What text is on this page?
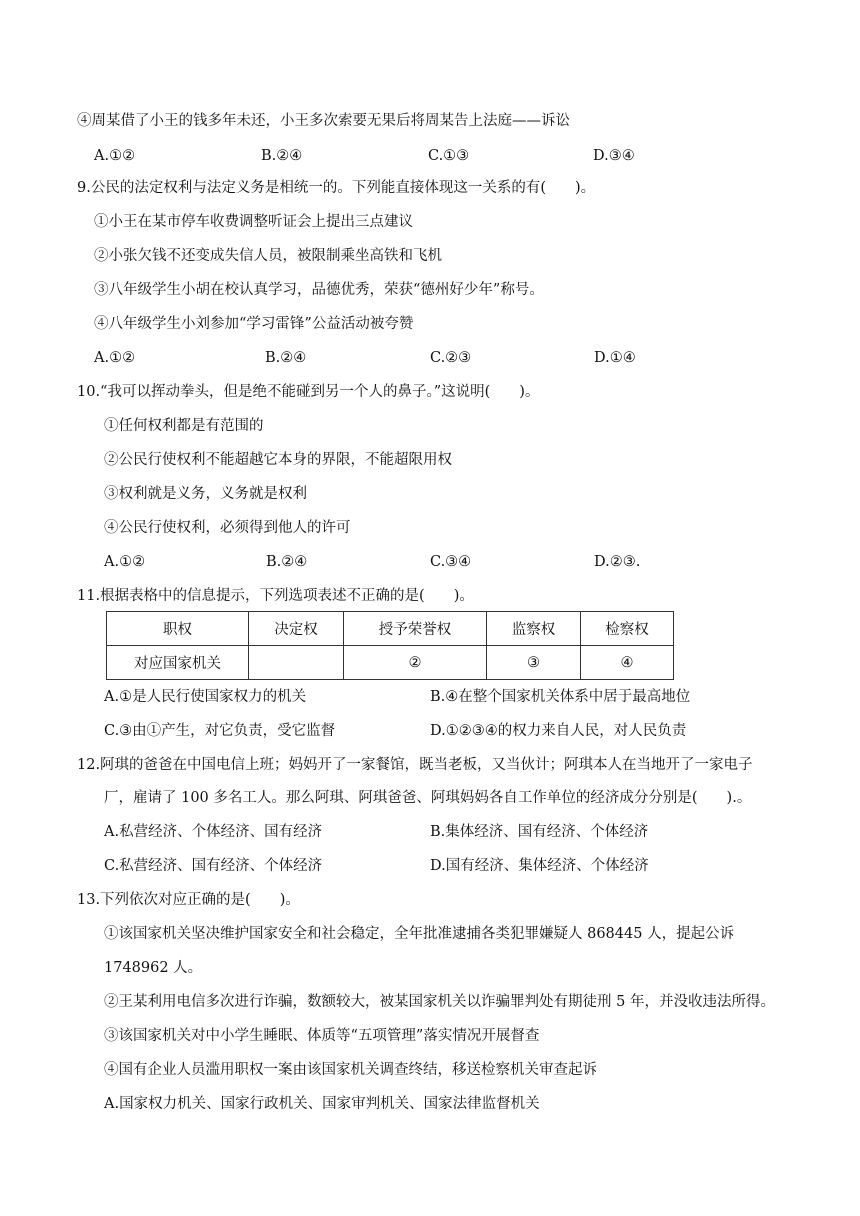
④周某借了小王的钱多年未还，小王多次索要无果后将周某告上法庭——诉讼
A.①②	B.②④	C.①③	D.③④
9.公民的法定权利与法定义务是相统一的。下列能直接体现这一关系的有(　　)。
①小王在某市停车收费调整听证会上提出三点建议
②小张欠钱不还变成失信人员，被限制乘坐高铁和飞机
③八年级学生小胡在校认真学习，品德优秀，荣获“德州好少年”称号。
④八年级学生小刘参加“学习雷锋”公益活动被夸赞
A.①②	B.②④	C.②③	D.①④
10.“我可以挥动拳头，但是绝不能碰到另一个人的鼻子。”这说明(　　)。
①任何权利都是有范围的
②公民行使权利不能超越它本身的界限，不能超限用权
③权利就是义务，义务就是权利
④公民行使权利，必须得到他人的许可
A.①②	B.②④	C.③④	D.②③.
11.根据表格中的信息提示，下列选项表述不正确的是(　　)。
职权	决定权	授予荣誉权	监察权	检察权
对应国家机关		②	③	④
A.①是人民行使国家权力的机关	B.④在整个国家机关体系中居于最高地位
C.③由①产生，对它负责，受它监督	D.①②③④的权力来自人民，对人民负责
12.阿琪的爸爸在中国电信上班；妈妈开了一家餐馆，既当老板，又当伙计；阿琪本人在当地开了一家电子
厂，雇请了 100 多名工人。那么阿琪、阿琪爸爸、阿琪妈妈各自工作单位的经济成分分别是(　　).。
A.私营经济、个体经济、国有经济	B.集体经济、国有经济、个体经济
C.私营经济、国有经济、个体经济	D.国有经济、集体经济、个体经济
13.下列依次对应正确的是(　　)。
①该国家机关坚决维护国家安全和社会稳定，全年批准逮捕各类犯罪嫌疑人 868445 人，提起公诉
1748962 人。
②王某利用电信多次进行诈骗，数额较大，被某国家机关以诈骗罪判处有期徒刑 5 年，并没收违法所得。
③该国家机关对中小学生睡眠、体质等“五项管理”落实情况开展督查
④国有企业人员滥用职权一案由该国家机关调查终结，移送检察机关审查起诉
A.国家权力机关、国家行政机关、国家审判机关、国家法律监督机关
